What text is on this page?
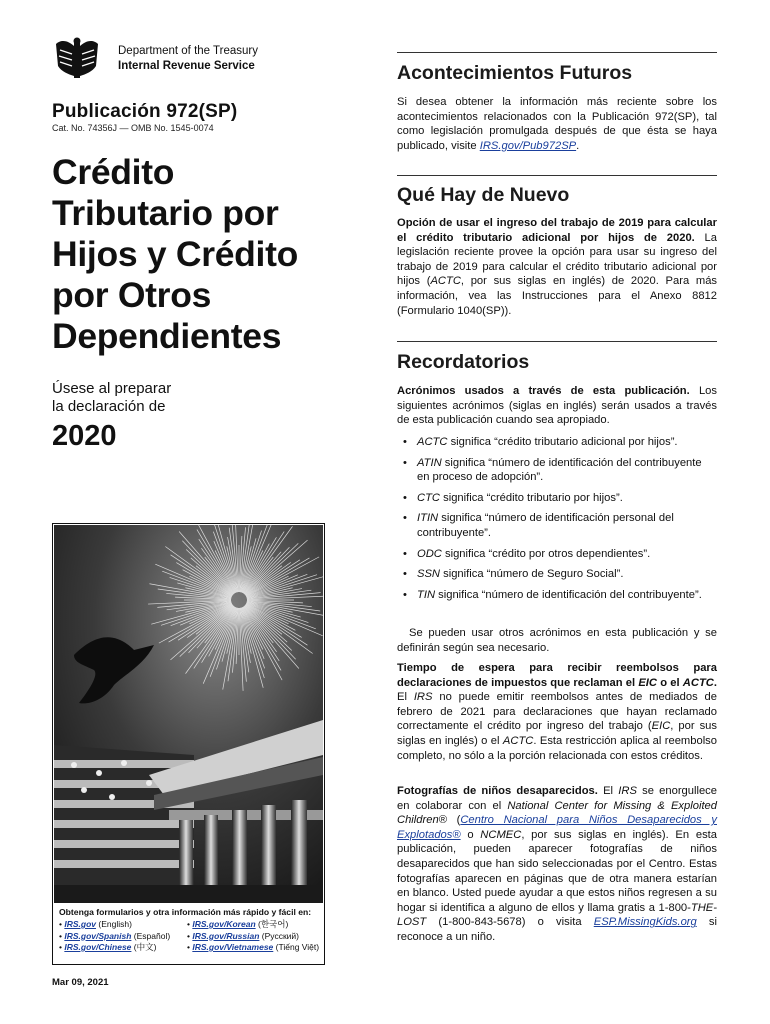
Department of the Treasury
Internal Revenue Service
Publicación 972(SP)
Cat. No. 74356J — OMB No. 1545-0074
Crédito
Tributario por
Hijos y Crédito
por Otros
Dependientes
Úsese al preparar
la declaración de
2020
Obtenga formularios y otra información más rápido y fácil en:
• IRS.gov (English)
• IRS.gov/Spanish (Español)
• IRS.gov/Chinese (中文)
• IRS.gov/Korean (한국어)
• IRS.gov/Russian (Русский)
• IRS.gov/Vietnamese (Tiếng Việt)
Mar 09, 2021
Acontecimientos Futuros
Si desea obtener la información más reciente sobre los acontecimientos relacionados con la Publicación 972(SP), tal como legislación promulgada después de que ésta se haya publicado, visite IRS.gov/Pub972SP.
Qué Hay de Nuevo
Opción de usar el ingreso del trabajo de 2019 para calcular el crédito tributario adicional por hijos de 2020. La legislación reciente provee la opción para usar su ingreso del trabajo de 2019 para calcular el crédito tributario adicional por hijos (ACTC, por sus siglas en inglés) de 2020. Para más información, vea las Instrucciones para el Anexo 8812 (Formulario 1040(SP)).
Recordatorios
Acrónimos usados a través de esta publicación. Los siguientes acrónimos (siglas en inglés) serán usados a través de esta publicación cuando sea apropiado.
• ACTC significa “crédito tributario adicional por hijos”.
• ATIN significa “número de identificación del contribuyente en proceso de adopción”.
• CTC significa “crédito tributario por hijos”.
• ITIN significa “número de identificación personal del contribuyente”.
• ODC significa “crédito por otros dependientes”.
• SSN significa “número de Seguro Social”.
• TIN significa “número de identificación del contribuyente”.
Se pueden usar otros acrónimos en esta publicación y se definirán según sea necesario.
Tiempo de espera para recibir reembolsos para declaraciones de impuestos que reclaman el EIC o el ACTC. El IRS no puede emitir reembolsos antes de mediados de febrero de 2021 para declaraciones que hayan reclamado correctamente el crédito por ingreso del trabajo (EIC, por sus siglas en inglés) o el ACTC. Esta restricción aplica al reembolso completo, no sólo a la porción relacionada con estos créditos.
Fotografías de niños desaparecidos. El IRS se enorgullece en colaborar con el National Center for Missing & Exploited Children® (Centro Nacional para Niños Desaparecidos y Explotados® o NCMEC, por sus siglas en inglés). En esta publicación, pueden aparecer fotografías de niños desaparecidos que han sido seleccionadas por el Centro. Estas fotografías aparecen en páginas que de otra manera estarían en blanco. Usted puede ayudar a que estos niños regresen a su hogar si identifica a alguno de ellos y llama gratis a 1-800-THE-LOST (1-800-843-5678) o visita ESP.MissingKids.org si reconoce a un niño.
